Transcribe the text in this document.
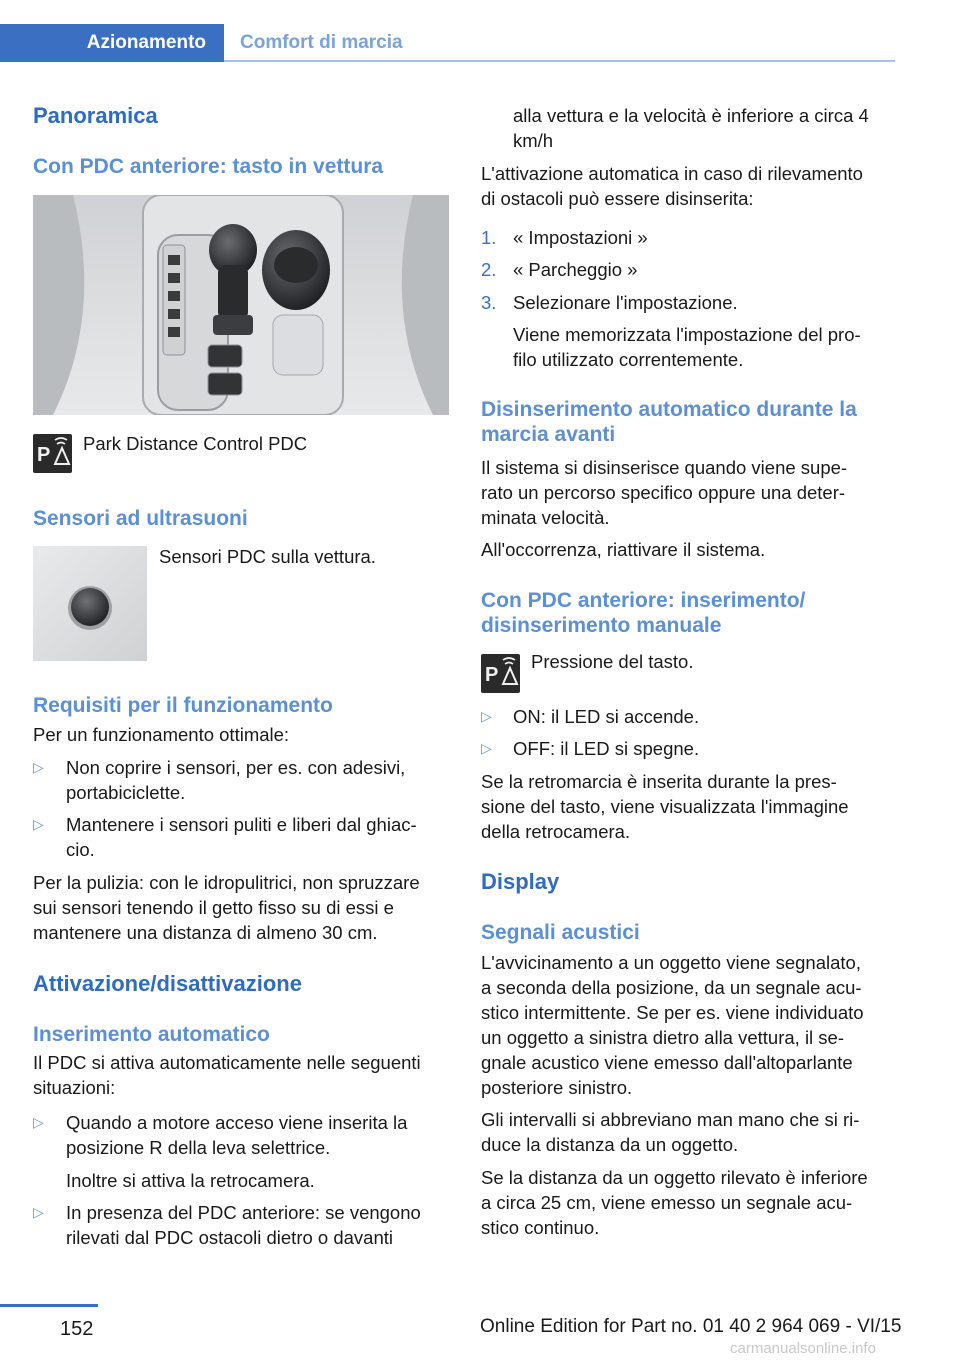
Azionamento	Comfort di marcia
Panoramica
Con PDC anteriore: tasto in vettura
P
Park Distance Control PDC
Sensori ad ultrasuoni
Sensori PDC sulla vettura.
Requisiti per il funzionamento
Per un funzionamento ottimale:
▷ Non coprire i sensori, per es. con adesivi,
portabiciclette.
▷ Mantenere i sensori puliti e liberi dal ghiac‐
cio.
Per la pulizia: con le idropulitrici, non spruzzare
sui sensori tenendo il getto fisso su di essi e
mantenere una distanza di almeno 30 cm.
Attivazione/disattivazione
Inserimento automatico
Il PDC si attiva automaticamente nelle seguenti
situazioni:
▷ Quando a motore acceso viene inserita la
posizione R della leva selettrice.
Inoltre si attiva la retrocamera.
▷ In presenza del PDC anteriore: se vengono
rilevati dal PDC ostacoli dietro o davanti
alla vettura e la velocità è inferiore a circa 4
km/h
L'attivazione automatica in caso di rilevamento
di ostacoli può essere disinserita:
1. « Impostazioni »
2. « Parcheggio »
3. Selezionare l'impostazione.
Viene memorizzata l'impostazione del pro‐
filo utilizzato correntemente.
Disinserimento automatico durante la
marcia avanti
Il sistema si disinserisce quando viene supe‐
rato un percorso specifico oppure una deter‐
minata velocità.
All'occorrenza, riattivare il sistema.
Con PDC anteriore: inserimento/
disinserimento manuale
P
Pressione del tasto.
▷ ON: il LED si accende.
▷ OFF: il LED si spegne.
Se la retromarcia è inserita durante la pres‐
sione del tasto, viene visualizzata l'immagine
della retrocamera.
Display
Segnali acustici
L'avvicinamento a un oggetto viene segnalato,
a seconda della posizione, da un segnale acu‐
stico intermittente. Se per es. viene individuato
un oggetto a sinistra dietro alla vettura, il se‐
gnale acustico viene emesso dall'altoparlante
posteriore sinistro.
Gli intervalli si abbreviano man mano che si ri‐
duce la distanza da un oggetto.
Se la distanza da un oggetto rilevato è inferiore
a circa 25 cm, viene emesso un segnale acu‐
stico continuo.
152	Online Edition for Part no. 01 40 2 964 069 - VI/15
carmanualsonline.info
